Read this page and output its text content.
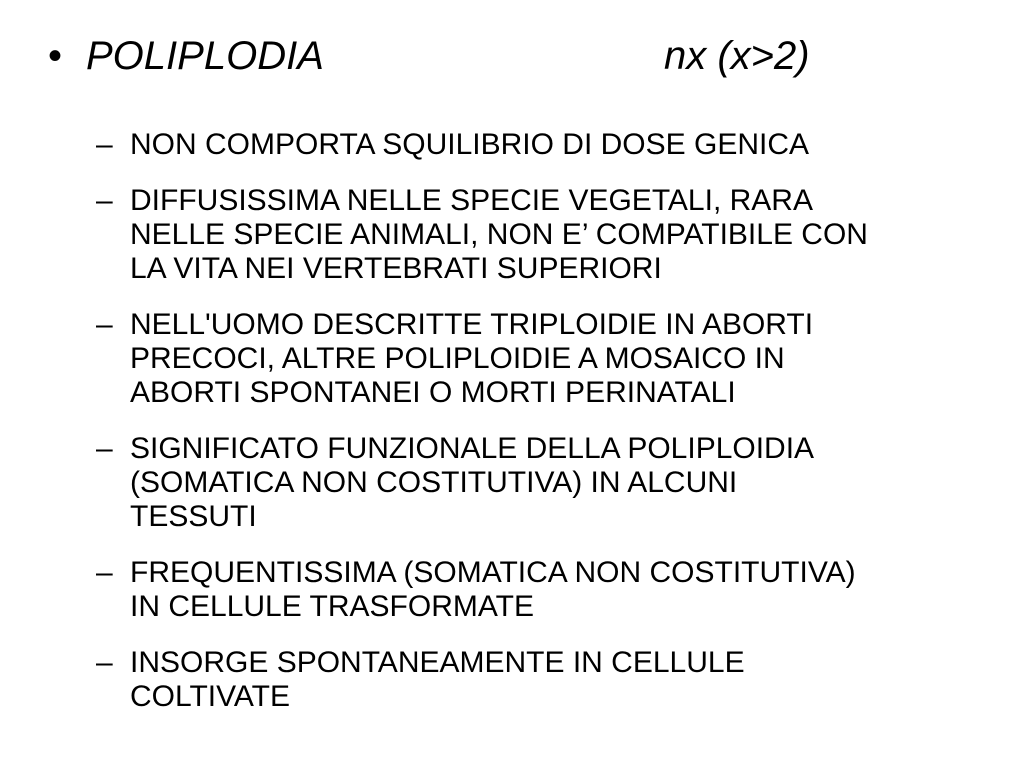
• POLIPLODIA	nx (x>2)
– NON COMPORTA SQUILIBRIO DI DOSE GENICA
– DIFFUSISSIMA NELLE SPECIE VEGETALI, RARA
NELLE SPECIE ANIMALI, NON E’ COMPATIBILE CON
LA VITA NEI VERTEBRATI SUPERIORI
– NELL'UOMO DESCRITTE TRIPLOIDIE IN ABORTI
PRECOCI, ALTRE POLIPLOIDIE A MOSAICO IN
ABORTI SPONTANEI O MORTI PERINATALI
– SIGNIFICATO FUNZIONALE DELLA POLIPLOIDIA
(SOMATICA NON COSTITUTIVA) IN ALCUNI
TESSUTI
– FREQUENTISSIMA (SOMATICA NON COSTITUTIVA)
IN CELLULE TRASFORMATE
– INSORGE SPONTANEAMENTE IN CELLULE
COLTIVATE
